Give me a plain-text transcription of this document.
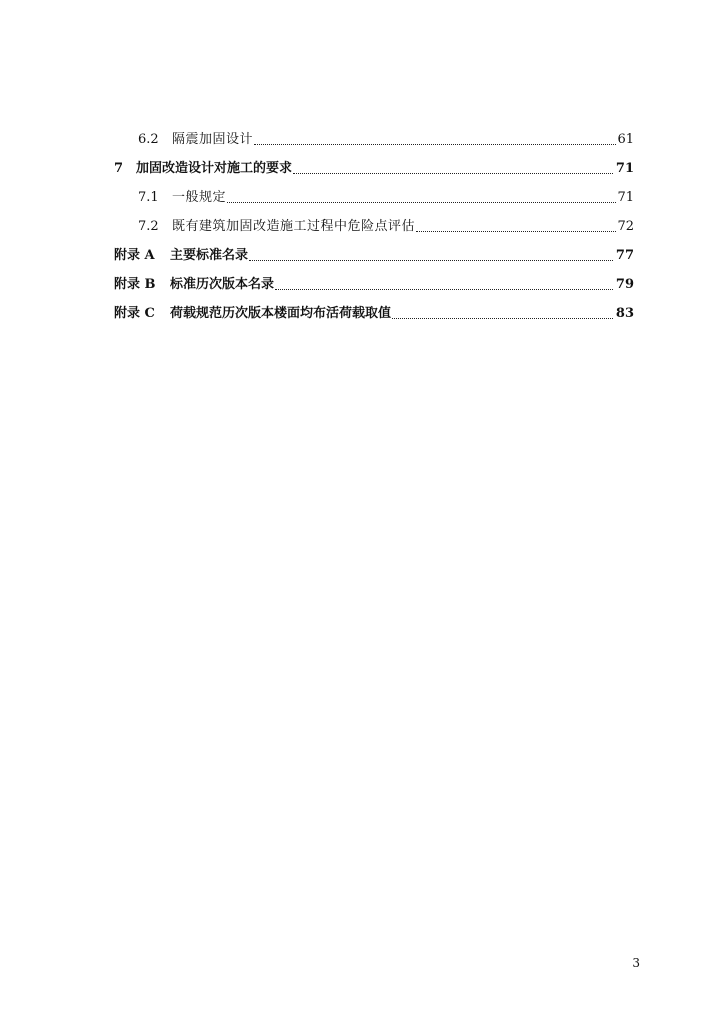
6.2	隔震加固设计	61
7 加固改造设计对施工的要求	71
7.1	一般规定	71
7.2	既有建筑加固改造施工过程中危险点评估	72
附录 A	主要标准名录	77
附录 B	标准历次版本名录	79
附录 C	荷载规范历次版本楼面均布活荷载取值	83
3
